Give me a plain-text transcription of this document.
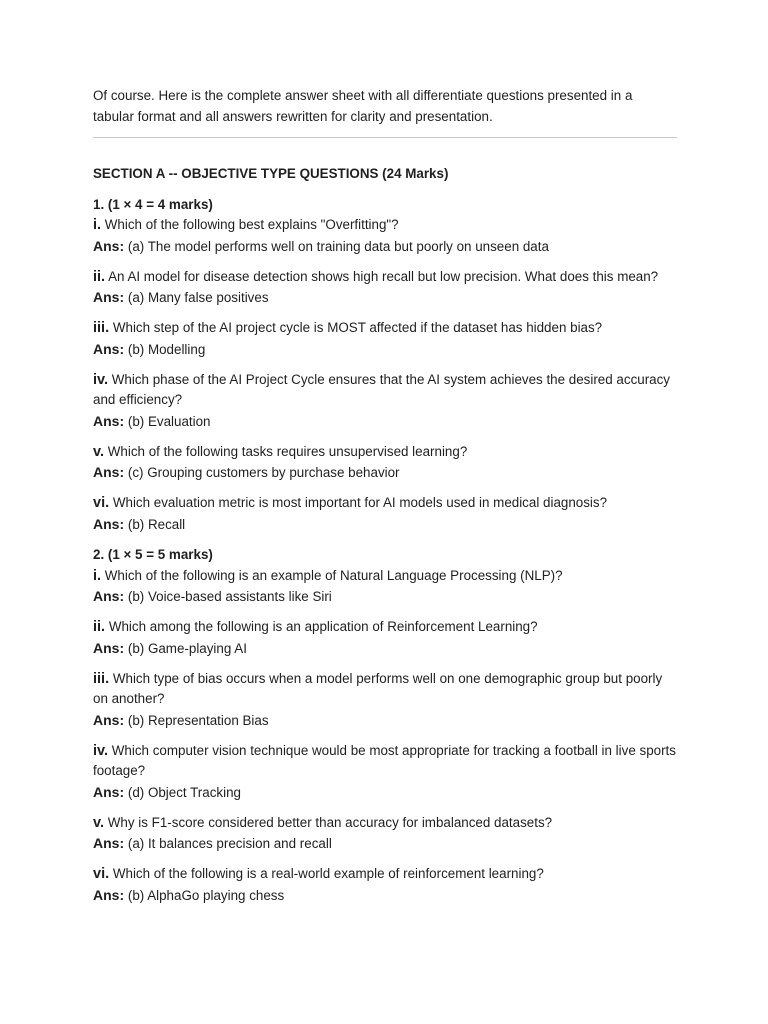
Of course. Here is the complete answer sheet with all differentiate questions presented in a tabular format and all answers rewritten for clarity and presentation.

SECTION A -- OBJECTIVE TYPE QUESTIONS (24 Marks)

1. (1 × 4 = 4 marks)

i. Which of the following best explains "Overfitting"?

Ans: (a) The model performs well on training data but poorly on unseen data

ii. An AI model for disease detection shows high recall but low precision. What does this mean?

Ans: (a) Many false positives

iii. Which step of the AI project cycle is MOST affected if the dataset has hidden bias?

Ans: (b) Modelling

iv. Which phase of the AI Project Cycle ensures that the AI system achieves the desired accuracy and efficiency?

Ans: (b) Evaluation

v. Which of the following tasks requires unsupervised learning?

Ans: (c) Grouping customers by purchase behavior

vi. Which evaluation metric is most important for AI models used in medical diagnosis?

Ans: (b) Recall

2. (1 × 5 = 5 marks)

i. Which of the following is an example of Natural Language Processing (NLP)?

Ans: (b) Voice-based assistants like Siri

ii. Which among the following is an application of Reinforcement Learning?

Ans: (b) Game-playing AI

iii. Which type of bias occurs when a model performs well on one demographic group but poorly on another?

Ans: (b) Representation Bias

iv. Which computer vision technique would be most appropriate for tracking a football in live sports footage?

Ans: (d) Object Tracking

v. Why is F1-score considered better than accuracy for imbalanced datasets?

Ans: (a) It balances precision and recall

vi. Which of the following is a real-world example of reinforcement learning?

Ans: (b) AlphaGo playing chess
